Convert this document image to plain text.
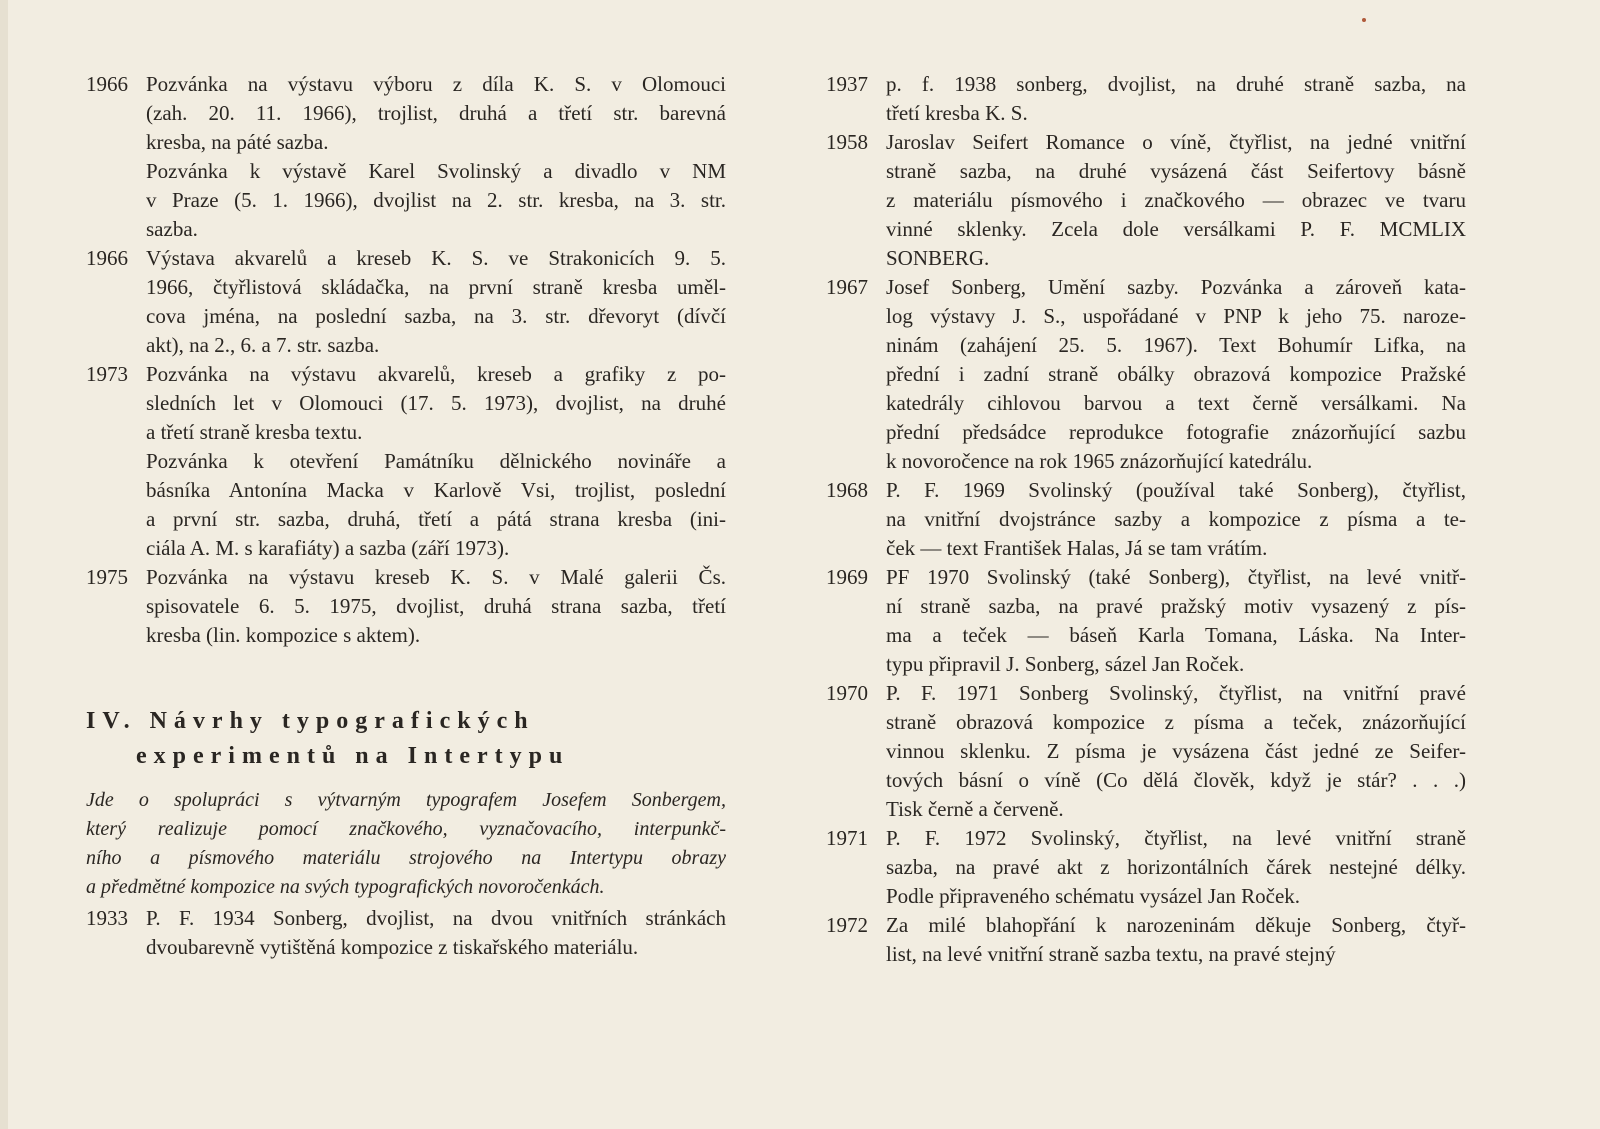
1966 Pozvánka na výstavu výboru z díla K. S. v Olomouci
(zah. 20. 11. 1966), trojlist, druhá a třetí str. barevná
kresba, na páté sazba.
Pozvánka k výstavě Karel Svolinský a divadlo v NM
v Praze (5. 1. 1966), dvojlist na 2. str. kresba, na 3. str.
sazba.
1966 Výstava akvarelů a kreseb K. S. ve Strakonicích 9. 5.
1966, čtyřlistová skládačka, na první straně kresba uměl-
cova jména, na poslední sazba, na 3. str. dřevoryt (dívčí
akt), na 2., 6. a 7. str. sazba.
1973 Pozvánka na výstavu akvarelů, kreseb a grafiky z po-
sledních let v Olomouci (17. 5. 1973), dvojlist, na druhé
a třetí straně kresba textu.
Pozvánka k otevření Památníku dělnického novináře a
básníka Antonína Macka v Karlově Vsi, trojlist, poslední
a první str. sazba, druhá, třetí a pátá strana kresba (ini-
ciála A. M. s karafiáty) a sazba (září 1973).
1975 Pozvánka na výstavu kreseb K. S. v Malé galerii Čs.
spisovatele 6. 5. 1975, dvojlist, druhá strana sazba, třetí
kresba (lin. kompozice s aktem).
IV. Návrhy typografických
experimentů na Intertypu
Jde o spolupráci s výtvarným typografem Josefem Sonbergem,
který realizuje pomocí značkového, vyznačovacího, interpunkč-
ního a písmového materiálu strojového na Intertypu obrazy
a předmětné kompozice na svých typografických novoročenkách.
1933 P. F. 1934 Sonberg, dvojlist, na dvou vnitřních stránkách
dvoubarevně vytištěná kompozice z tiskařského materiálu.
1937 p. f. 1938 sonberg, dvojlist, na druhé straně sazba, na
třetí kresba K. S.
1958 Jaroslav Seifert Romance o víně, čtyřlist, na jedné vnitřní
straně sazba, na druhé vysázená část Seifertovy básně
z materiálu písmového i značkového — obrazec ve tvaru
vinné sklenky. Zcela dole versálkami P. F. MCMLIX
SONBERG.
1967 Josef Sonberg, Umění sazby. Pozvánka a zároveň kata-
log výstavy J. S., uspořádané v PNP k jeho 75. naroze-
ninám (zahájení 25. 5. 1967). Text Bohumír Lifka, na
přední i zadní straně obálky obrazová kompozice Pražské
katedrály cihlovou barvou a text černě versálkami. Na
přední předsádce reprodukce fotografie znázorňující sazbu
k novoročence na rok 1965 znázorňující katedrálu.
1968 P. F. 1969 Svolinský (používal také Sonberg), čtyřlist,
na vnitřní dvojstránce sazby a kompozice z písma a te-
ček — text František Halas, Já se tam vrátím.
1969 PF 1970 Svolinský (také Sonberg), čtyřlist, na levé vnitř-
ní straně sazba, na pravé pražský motiv vysazený z pís-
ma a teček — báseň Karla Tomana, Láska. Na Inter-
typu připravil J. Sonberg, sázel Jan Roček.
1970 P. F. 1971 Sonberg Svolinský, čtyřlist, na vnitřní pravé
straně obrazová kompozice z písma a teček, znázorňující
vinnou sklenku. Z písma je vysázena část jedné ze Seifer-
tových básní o víně (Co dělá člověk, když je stár? . . .)
Tisk černě a červeně.
1971 P. F. 1972 Svolinský, čtyřlist, na levé vnitřní straně
sazba, na pravé akt z horizontálních čárek nestejné délky.
Podle připraveného schématu vysázel Jan Roček.
1972 Za milé blahopřání k narozeninám děkuje Sonberg, čtyř-
list, na levé vnitřní straně sazba textu, na pravé stejný
